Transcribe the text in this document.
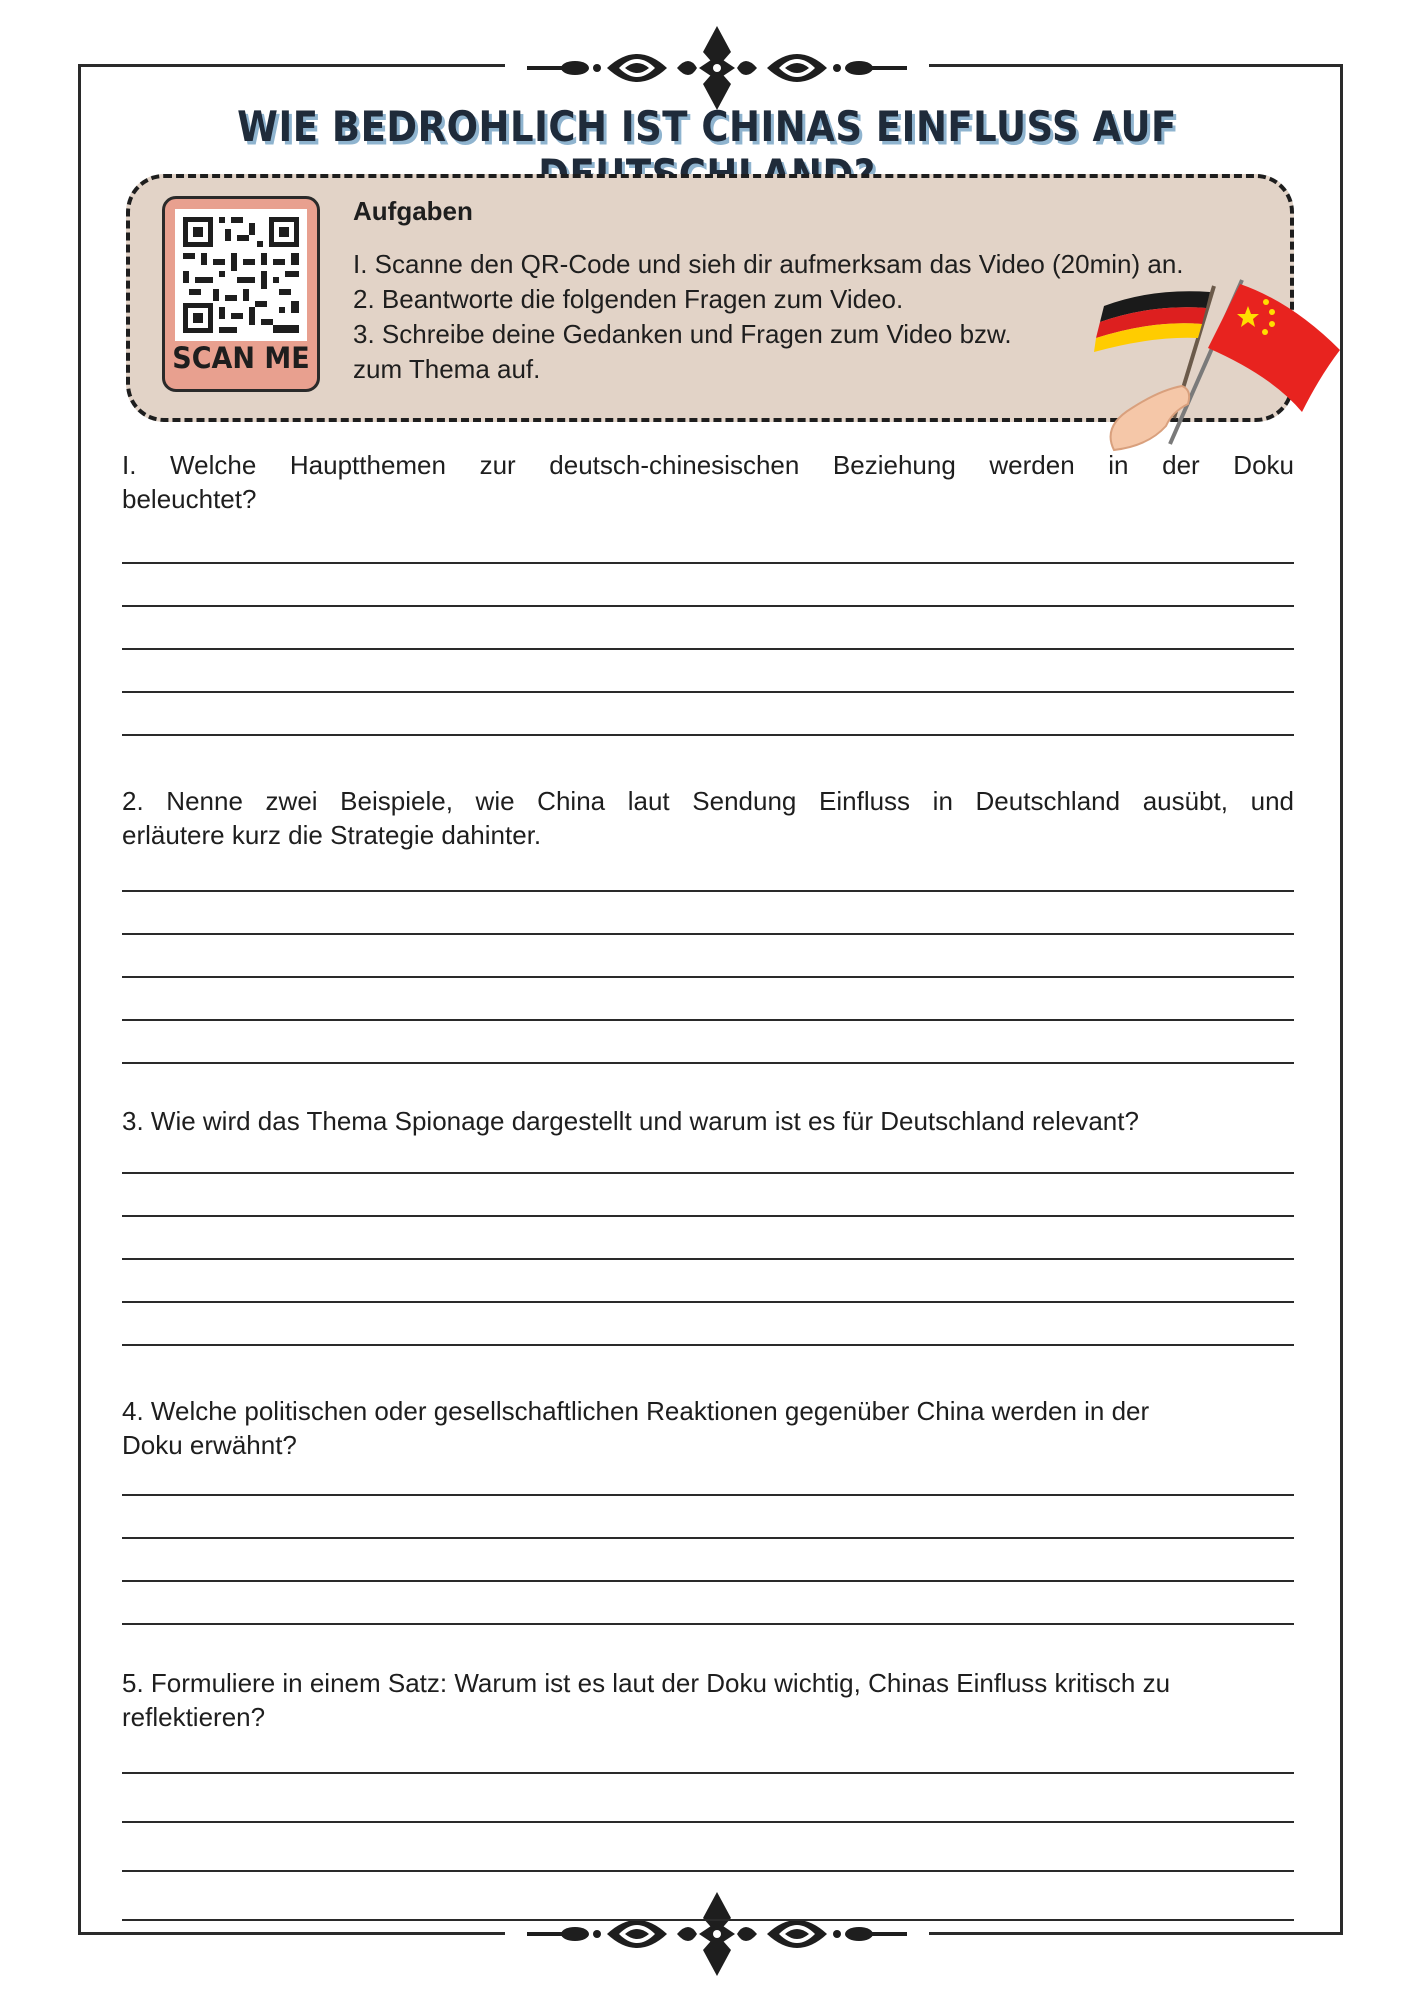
WIE BEDROHLICH IST CHINAS EINFLUSS AUF
SCAN ME
Aufgaben
I. Scanne den QR-Code und sieh dir aufmerksam das Video (20min) an.
2. Beantworte die folgenden Fragen zum Video.
3. Schreibe deine Gedanken und Fragen zum Video bzw.
zum Thema auf.
I. Welche Hauptthemen zur deutsch-chinesischen Beziehung werden in der Doku
beleuchtet?
2. Nenne zwei Beispiele, wie China laut Sendung Einfluss in Deutschland ausübt, und
erläutere kurz die Strategie dahinter.
3. Wie wird das Thema Spionage dargestellt und warum ist es für Deutschland relevant?
4. Welche politischen oder gesellschaftlichen Reaktionen gegenüber China werden in der
Doku erwähnt?
5. Formuliere in einem Satz: Warum ist es laut der Doku wichtig, Chinas Einfluss kritisch zu
reflektieren?
